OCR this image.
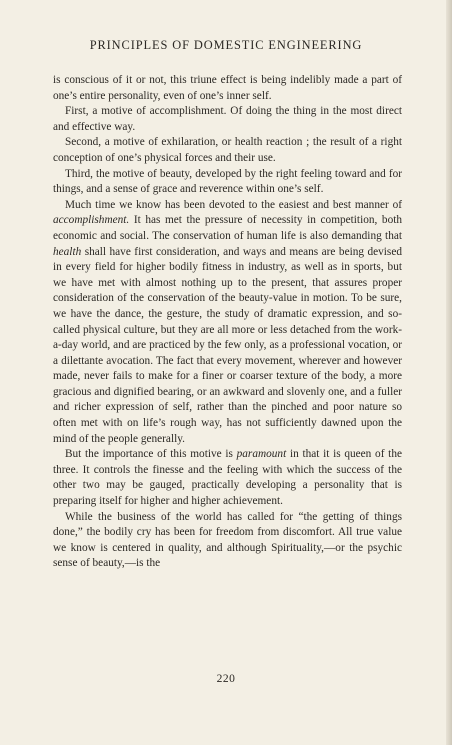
PRINCIPLES OF DOMESTIC ENGINEERING

is conscious of it or not, this triune effect is being indelibly made a part of one’s entire personality, even of one’s inner self.

First, a motive of accomplishment. Of doing the thing in the most direct and effective way.

Second, a motive of exhilaration, or health reaction ; the result of a right conception of one’s physical forces and their use.

Third, the motive of beauty, developed by the right feeling toward and for things, and a sense of grace and reverence within one’s self.

Much time we know has been devoted to the easiest and best manner of accomplishment. It has met the pressure of necessity in competition, both economic and social. The conservation of human life is also demanding that health shall have first consideration, and ways and means are being devised in every field for higher bodily fitness in industry, as well as in sports, but we have met with almost nothing up to the present, that assures proper consideration of the conservation of the beauty-value in motion. To be sure, we have the dance, the gesture, the study of dramatic expression, and so-called physical culture, but they are all more or less detached from the work-a-day world, and are practiced by the few only, as a professional vocation, or a dilettante avocation. The fact that every movement, wherever and however made, never fails to make for a finer or coarser texture of the body, a more gracious and dignified bearing, or an awkward and slovenly one, and a fuller and richer expression of self, rather than the pinched and poor nature so often met with on life’s rough way, has not sufficiently dawned upon the mind of the people generally.

But the importance of this motive is paramount in that it is queen of the three. It controls the finesse and the feeling with which the success of the other two may be gauged, practically developing a personality that is preparing itself for higher and higher achievement.

While the business of the world has called for “the getting of things done,” the bodily cry has been for freedom from discomfort. All true value we know is centered in quality, and although Spirituality,—or the psychic sense of beauty,—is the

220
